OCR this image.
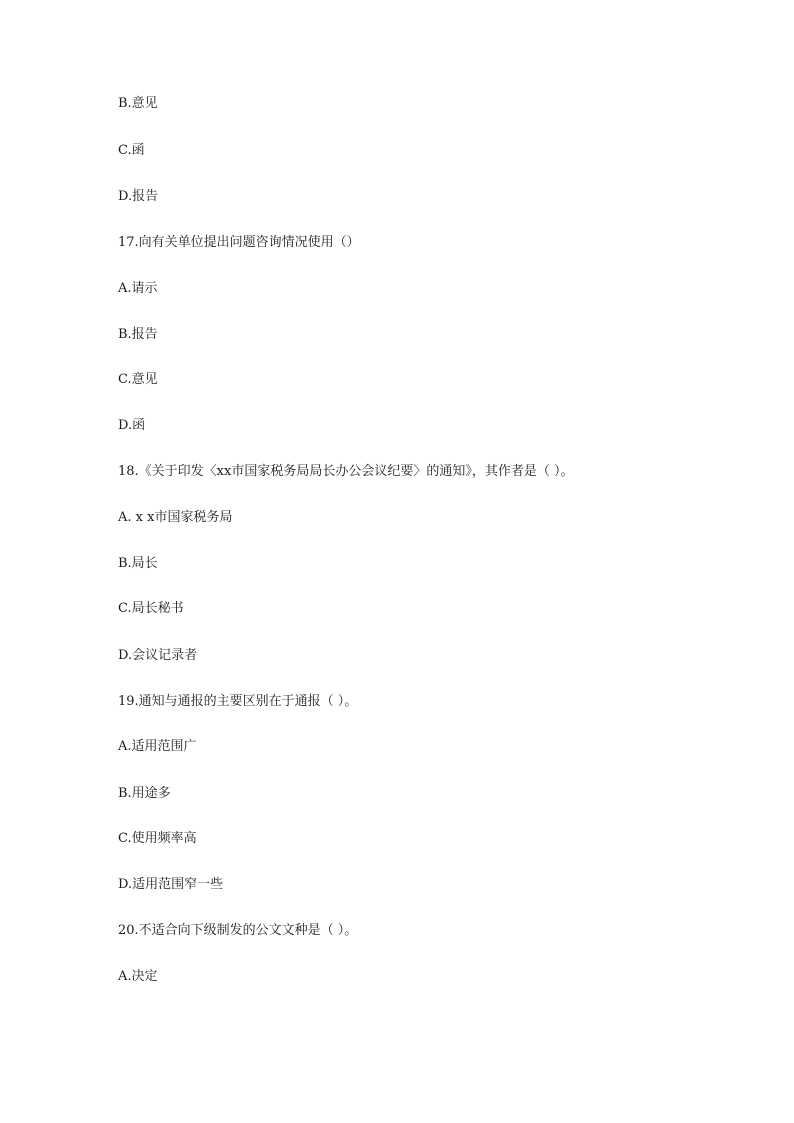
B.意见
C.函
D.报告
17.向有关单位提出问题咨询情况使用（）
A.请示
B.报告
C.意见
D.函
18.《关于印发〈xx市国家税务局局长办公会议纪要〉的通知》，其作者是（ ）。
A. x x市国家税务局
B.局长
C.局长秘书
D.会议记录者
19.通知与通报的主要区别在于通报（ ）。
A.适用范围广
B.用途多
C.使用频率高
D.适用范围窄一些
20.不适合向下级制发的公文文种是（ ）。
A.决定
